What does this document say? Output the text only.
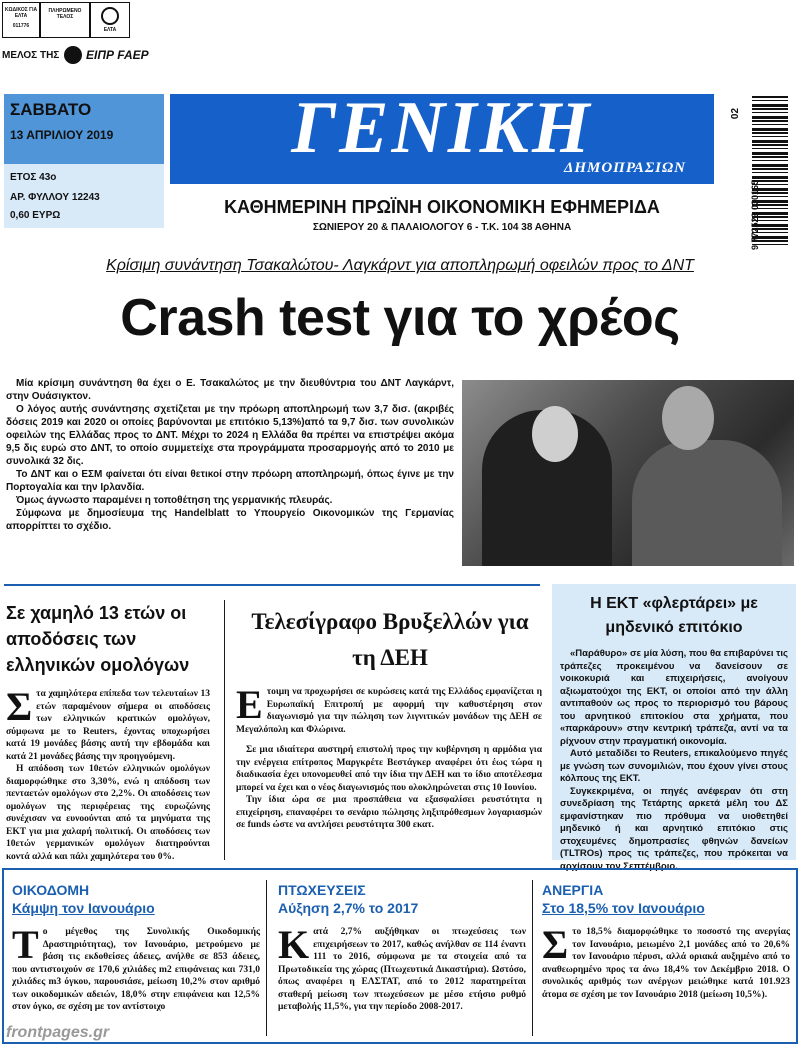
ΚΩΔΙΚΟΣ ΓΙΑ ΕΛΤΑ
011776
ΠΛΗΡΩΜΕΝΟ ΤΕΛΟΣ
ΕΛΤΑ
ΜΕΛΟΣ ΤΗΣ ΕΙΠΡ FAEP
ΣΑΒΒΑΤΟ
13 ΑΠΡΙΛΙΟΥ 2019
ΕΤΟΣ 43ο
ΑΡ. ΦΥΛΛΟΥ 12243
0,60 ΕΥΡΩ
ΓΕΝΙΚΗ
ΔΗΜΟΠΡΑΣΙΩΝ
ΚΑΘΗΜΕΡΙΝΗ ΠΡΩΪΝΗ ΟΙΚΟΝΟΜΙΚΗ ΕΦΗΜΕΡΙΔΑ
ΣΩΝΙΕΡΟΥ 20 & ΠΑΛΑΙΟΛΟΓΟΥ 6 - Τ.Κ. 104 38 ΑΘΗΝΑ	9 772529 030165
02
Κρίσιμη συνάντηση Τσακαλώτου- Λαγκάρντ για αποπληρωμή οφειλών προς το ΔΝΤ
Crash test για το χρέος

Μία κρίσιμη συνάντηση θα έχει ο Ε. Τσακαλώτος με την διευθύντρια του ΔΝΤ Λαγκάρντ, στην Ουάσιγκτον.

Ο λόγος αυτής συνάντησης σχετίζεται με την πρόωρη αποπληρωμή των 3,7 δισ. (ακριβές δόσεις 2019 και 2020 οι οποίες βαρύνονται με επιτόκιο 5,13%)από τα 9,7 δισ. των συνολικών οφειλών της Ελλάδας προς το ΔΝΤ. Μέχρι το 2024 η Ελλάδα θα πρέπει να επιστρέψει ακόμα 9,5 δις ευρώ στο ΔΝΤ, το οποίο συμμετείχε στα προγράμματα προσαρμογής από το 2010 με συνολικά 32 δις.

Το ΔΝΤ και ο ΕΣΜ φαίνεται ότι είναι θετικοί στην πρόωρη αποπληρωμή, όπως έγινε με την Πορτογαλία και την Ιρλανδία.

Όμως άγνωστο παραμένει η τοποθέτηση της γερμανικής πλευράς.

Σύμφωνα με δημοσίευμα της Handelblatt το Υπουργείο Οικονομικών της Γερμανίας απορρίπτει το σχέδιο.

Σε χαμηλό 13 ετών οι αποδόσεις των ελληνικών ομολόγων
Σ τα χαμηλότερα επίπεδα των τελευταίων 13 ετών παραμένουν σήμερα οι αποδόσεις των ελληνικών κρατικών ομολόγων, σύμφωνα με το Reuters, έχοντας υποχωρήσει κατά 19 μονάδες βάσης αυτή την εβδομάδα και κατά 21 μονάδες βάσης την προηγούμενη.

Η απόδοση των 10ετών ελληνικών ομολόγων διαμορφώθηκε στο 3,30%, ενώ η απόδοση των πενταετών ομολόγων στο 2,2%. Οι αποδόσεις των ομολόγων της περιφέρειας της ευρωζώνης συνέχισαν να ευνοούνται από τα μηνύματα της ΕΚΤ για μια χαλαρή πολιτική. Οι αποδόσεις των 10ετών γερμανικών ομολόγων διατηρούνται κοντά αλλά και πάλι χαμηλότερα του 0%.

Τελεσίγραφο Βρυξελλών για τη ΔΕΗ
Ε τοιμη να προχωρήσει σε κυρώσεις κατά της Ελλάδος εμφανίζεται η Ευρωπαϊκή Επιτροπή με αφορμή την καθυστέρηση στον διαγωνισμό για την πώληση των λιγνιτικών μονάδων της ΔΕΗ σε Μεγαλόπολη και Φλώρινα.

Σε μια ιδιαίτερα αυστηρή επιστολή προς την κυβέρνηση η αρμόδια για την ενέργεια επίτροπος Μαργκρέτε Βεστάγκερ αναφέρει ότι έως τώρα η διαδικασία έχει υπονομευθεί από την ίδια την ΔΕΗ και το ίδιο αποτέλεσμα μπορεί να έχει και ο νέος διαγωνισμός που ολοκληρώνεται στις 10 Ιουνίου.

Την ίδια ώρα σε μια προσπάθεια να εξασφαλίσει ρευστότητα η επιχείρηση, επαναφέρει το σενάριο πώλησης ληξιπρόθεσμων λογαριασμών σε funds ώστε να αντλήσει ρευστότητα 300 εκατ.

Η ΕΚΤ «φλερτάρει» με μηδενικό επιτόκιο

«Παράθυρο» σε μία λύση, που θα επιβαρύνει τις τράπεζες προκειμένου να δανείσουν σε νοικοκυριά και επιχειρήσεις, ανοίγουν αξιωματούχοι της ΕΚΤ, οι οποίοι από την άλλη αντιπαθούν ως προς το περιορισμό του βάρους του αρνητικού επιτοκίου στα χρήματα, που «παρκάρουν» στην κεντρική τράπεζα, αντί να τα ρίχνουν στην πραγματική οικονομία.

Αυτό μεταδίδει το Reuters, επικαλούμενο πηγές με γνώση των συνομιλιών, που έχουν γίνει στους κόλπους της ΕΚΤ.

Συγκεκριμένα, οι πηγές ανέφεραν ότι στη συνεδρίαση της Τετάρτης αρκετά μέλη του ΔΣ εμφανίστηκαν πιο πρόθυμα να υιοθετηθεί μηδενικό ή και αρνητικό επιτόκιο στις στοχευμένες δημοπρασίες φθηνών δανείων (TLTROs) προς τις τράπεζες, που πρόκειται να αρχίσουν τον Σεπτέμβριο.

ΟΙΚΟΔΟΜΗ
Κάμψη τον Ιανουάριο
Τ ο μέγεθος της Συνολικής Οικοδομικής Δραστηριότητας), τον Ιανουάριο, μετρούμενο με βάση τις εκδοθείσες άδειες, ανήλθε σε 853 άδειες, που αντιστοιχούν σε 170,6 χιλιάδες m2 επιφάνειας και 731,0 χιλιάδες m3 όγκου, παρουσιάσε, μείωση 10,2% στον αριθμό των οικοδομικών αδειών, 18,0% στην επιφάνεια και 12,5% στον όγκο, σε σχέση με τον αντίστοιχο
ΠΤΩΧΕΥΣΕΙΣ
Αύξηση 2,7% το 2017
Κ ατά 2,7% αυξήθηκαν οι πτωχεύσεις των επιχειρήσεων το 2017, καθώς ανήλθαν σε 114 έναντι 111 το 2016, σύμφωνα με τα στοιχεία από τα Πρωτοδικεία της χώρας (Πτωχευτικά Δικαστήρια). Ωστόσο, όπως αναφέρει η ΕΛΣΤΑΤ, από το 2012 παρατηρείται σταθερή μείωση των πτωχεύσεων με μέσο ετήσιο ρυθμό μεταβολής 11,5%, για την περίοδο 2008-2017.
ΑΝΕΡΓΙΑ
Στο 18,5% τον Ιανουάριο
Σ το 18,5% διαμορφώθηκε το ποσοστό της ανεργίας τον Ιανουάριο, μειωμένο 2,1 μονάδες από το 20,6% τον Ιανουάριο πέρυσι, αλλά οριακά αυξημένο από το αναθεωρημένο προς τα άνω 18,4% τον Δεκέμβριο 2018. Ο συνολικός αριθμός των ανέργων μειώθηκε κατά 101.923 άτομα σε σχέση με τον Ιανουάριο 2018 (μείωση 10,5%).
frontpages.gr
